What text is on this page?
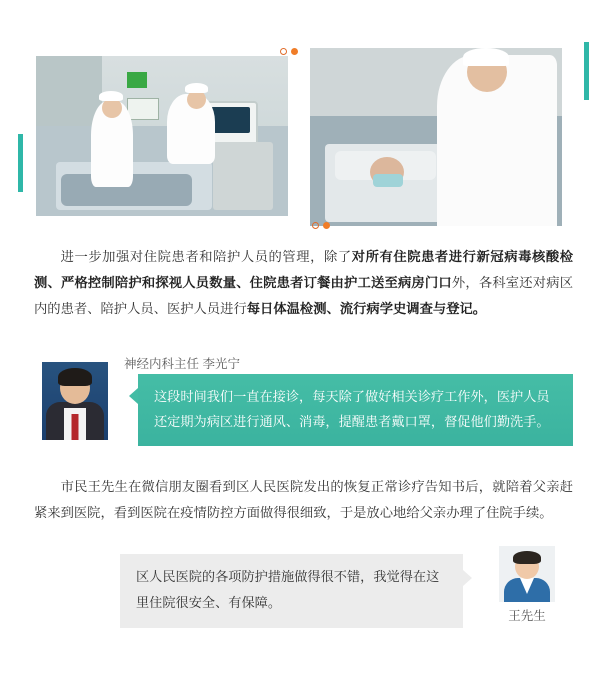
进一步加强对住院患者和陪护人员的管理，除了对所有住院患者进行新冠病毒核酸检测、严格控制陪护和探视人员数量、住院患者订餐由护工送至病房门口外，各科室还对病区内的患者、陪护人员、医护人员进行每日体温检测、流行病学史调查与登记。

神经内科主任 李光宁
这段时间我们一直在接诊，每天除了做好相关诊疗工作外，医护人员还定期为病区进行通风、消毒，提醒患者戴口罩，督促他们勤洗手。

市民王先生在微信朋友圈看到区人民医院发出的恢复正常诊疗告知书后，就陪着父亲赶紧来到医院，看到医院在疫情防控方面做得很细致，于是放心地给父亲办理了住院手续。

区人民医院的各项防护措施做得很不错，我觉得在这里住院很安全、有保障。
王先生
